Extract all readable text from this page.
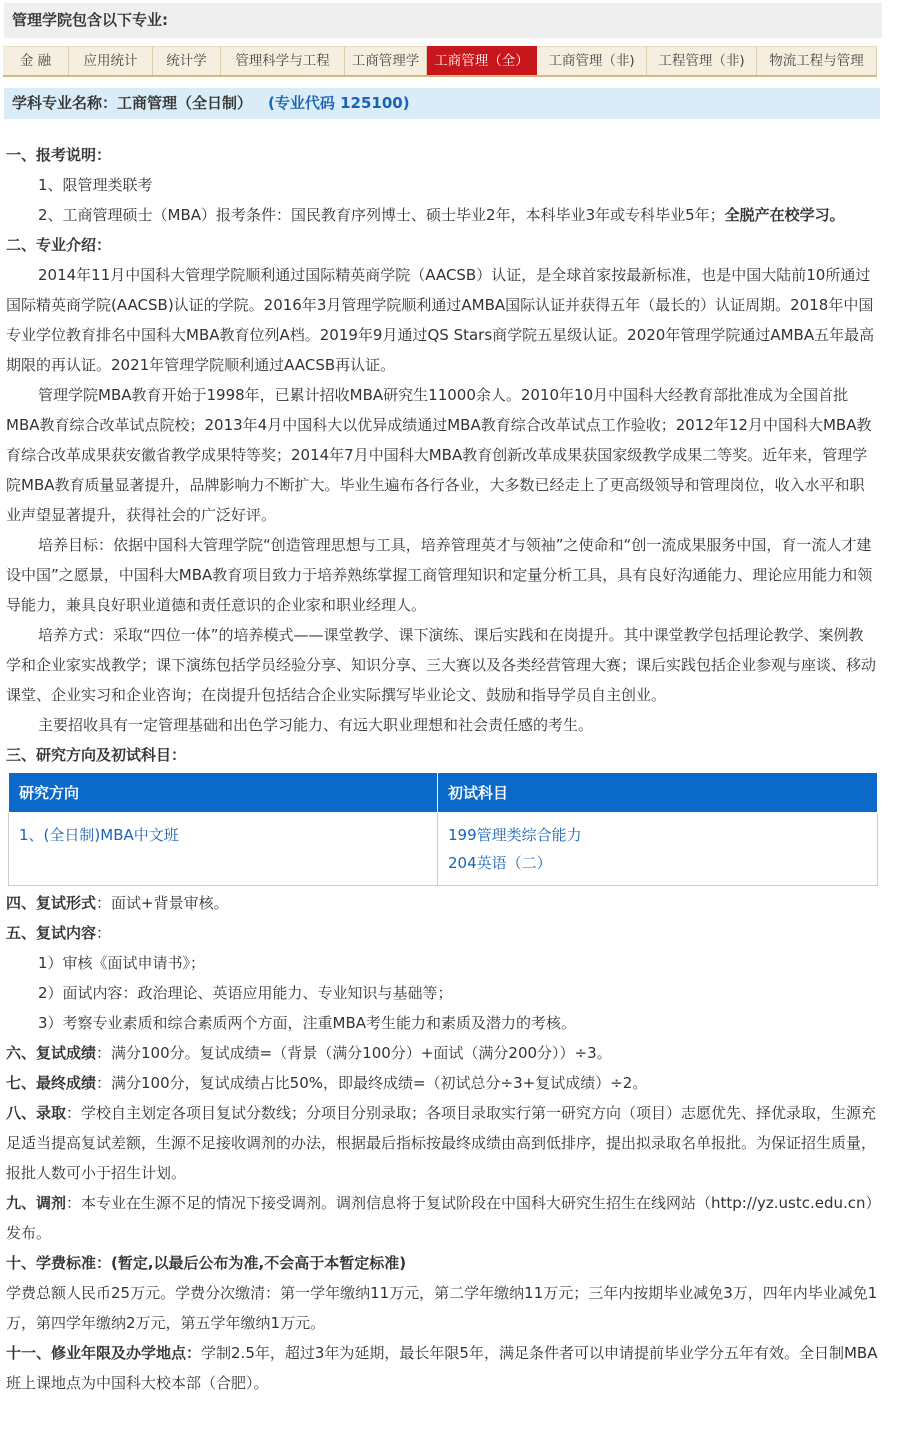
管理学院包含以下专业:
金 融	应用统计	统计学	管理科学与工程	工商管理学	工商管理（全）	工商管理（非)	工程管理（非)	物流工程与管理
学科专业名称：工商管理（全日制） (专业代码 125100)

一、报考说明：

1、限管理类联考

2、工商管理硕士（MBA）报考条件：国民教育序列博士、硕士毕业2年，本科毕业3年或专科毕业5年；全脱产在校学习。

二、专业介绍：

2014年11月中国科大管理学院顺利通过国际精英商学院（AACSB）认证，是全球首家按最新标准，也是中国大陆前10所通过国际精英商学院(AACSB)认证的学院。2016年3月管理学院顺利通过AMBA国际认证并获得五年（最长的）认证周期。2018年中国专业学位教育排名中国科大MBA教育位列A档。2019年9月通过QS Stars商学院五星级认证。2020年管理学院通过AMBA五年最高期限的再认证。2021年管理学院顺利通过AACSB再认证。

管理学院MBA教育开始于1998年，已累计招收MBA研究生11000余人。2010年10月中国科大经教育部批准成为全国首批MBA教育综合改革试点院校；2013年4月中国科大以优异成绩通过MBA教育综合改革试点工作验收；2012年12月中国科大MBA教育综合改革成果获安徽省教学成果特等奖；2014年7月中国科大MBA教育创新改革成果获国家级教学成果二等奖。近年来，管理学院MBA教育质量显著提升，品牌影响力不断扩大。毕业生遍布各行各业，大多数已经走上了更高级领导和管理岗位，收入水平和职业声望显著提升，获得社会的广泛好评。

培养目标：依据中国科大管理学院“创造管理思想与工具，培养管理英才与领袖”之使命和“创一流成果服务中国，育一流人才建设中国”之愿景，中国科大MBA教育项目致力于培养熟练掌握工商管理知识和定量分析工具，具有良好沟通能力、理论应用能力和领导能力，兼具良好职业道德和责任意识的企业家和职业经理人。

培养方式：采取“四位一体”的培养模式——课堂教学、课下演练、课后实践和在岗提升。其中课堂教学包括理论教学、案例教学和企业家实战教学；课下演练包括学员经验分享、知识分享、三大赛以及各类经营管理大赛；课后实践包括企业参观与座谈、移动课堂、企业实习和企业咨询；在岗提升包括结合企业实际撰写毕业论文、鼓励和指导学员自主创业。

主要招收具有一定管理基础和出色学习能力、有远大职业理想和社会责任感的考生。

三、研究方向及初试科目：

研究方向	初试科目
1、(全日制)MBA中文班	199管理类综合能力
204英语（二）

四、复试形式：面试+背景审核。

五、复试内容：

1）审核《面试申请书》；

2）面试内容：政治理论、英语应用能力、专业知识与基础等；

3）考察专业素质和综合素质两个方面，注重MBA考生能力和素质及潜力的考核。

六、复试成绩：满分100分。复试成绩=（背景（满分100分）+面试（满分200分））÷3。

七、最终成绩：满分100分，复试成绩占比50%，即最终成绩=（初试总分÷3+复试成绩）÷2。

八、录取：学校自主划定各项目复试分数线；分项目分别录取；各项目录取实行第一研究方向（项目）志愿优先、择优录取，生源充足适当提高复试差额，生源不足接收调剂的办法，根据最后指标按最终成绩由高到低排序，提出拟录取名单报批。为保证招生质量，报批人数可小于招生计划。

九、调剂：本专业在生源不足的情况下接受调剂。调剂信息将于复试阶段在中国科大研究生招生在线网站（http://yz.ustc.edu.cn）发布。

十、学费标准：(暂定,以最后公布为准,不会高于本暂定标准)

学费总额人民币25万元。学费分次缴清：第一学年缴纳11万元，第二学年缴纳11万元；三年内按期毕业减免3万，四年内毕业减免1万，第四学年缴纳2万元，第五学年缴纳1万元。

十一、修业年限及办学地点：学制2.5年，超过3年为延期，最长年限5年，满足条件者可以申请提前毕业学分五年有效。全日制MBA班上课地点为中国科大校本部（合肥）。
